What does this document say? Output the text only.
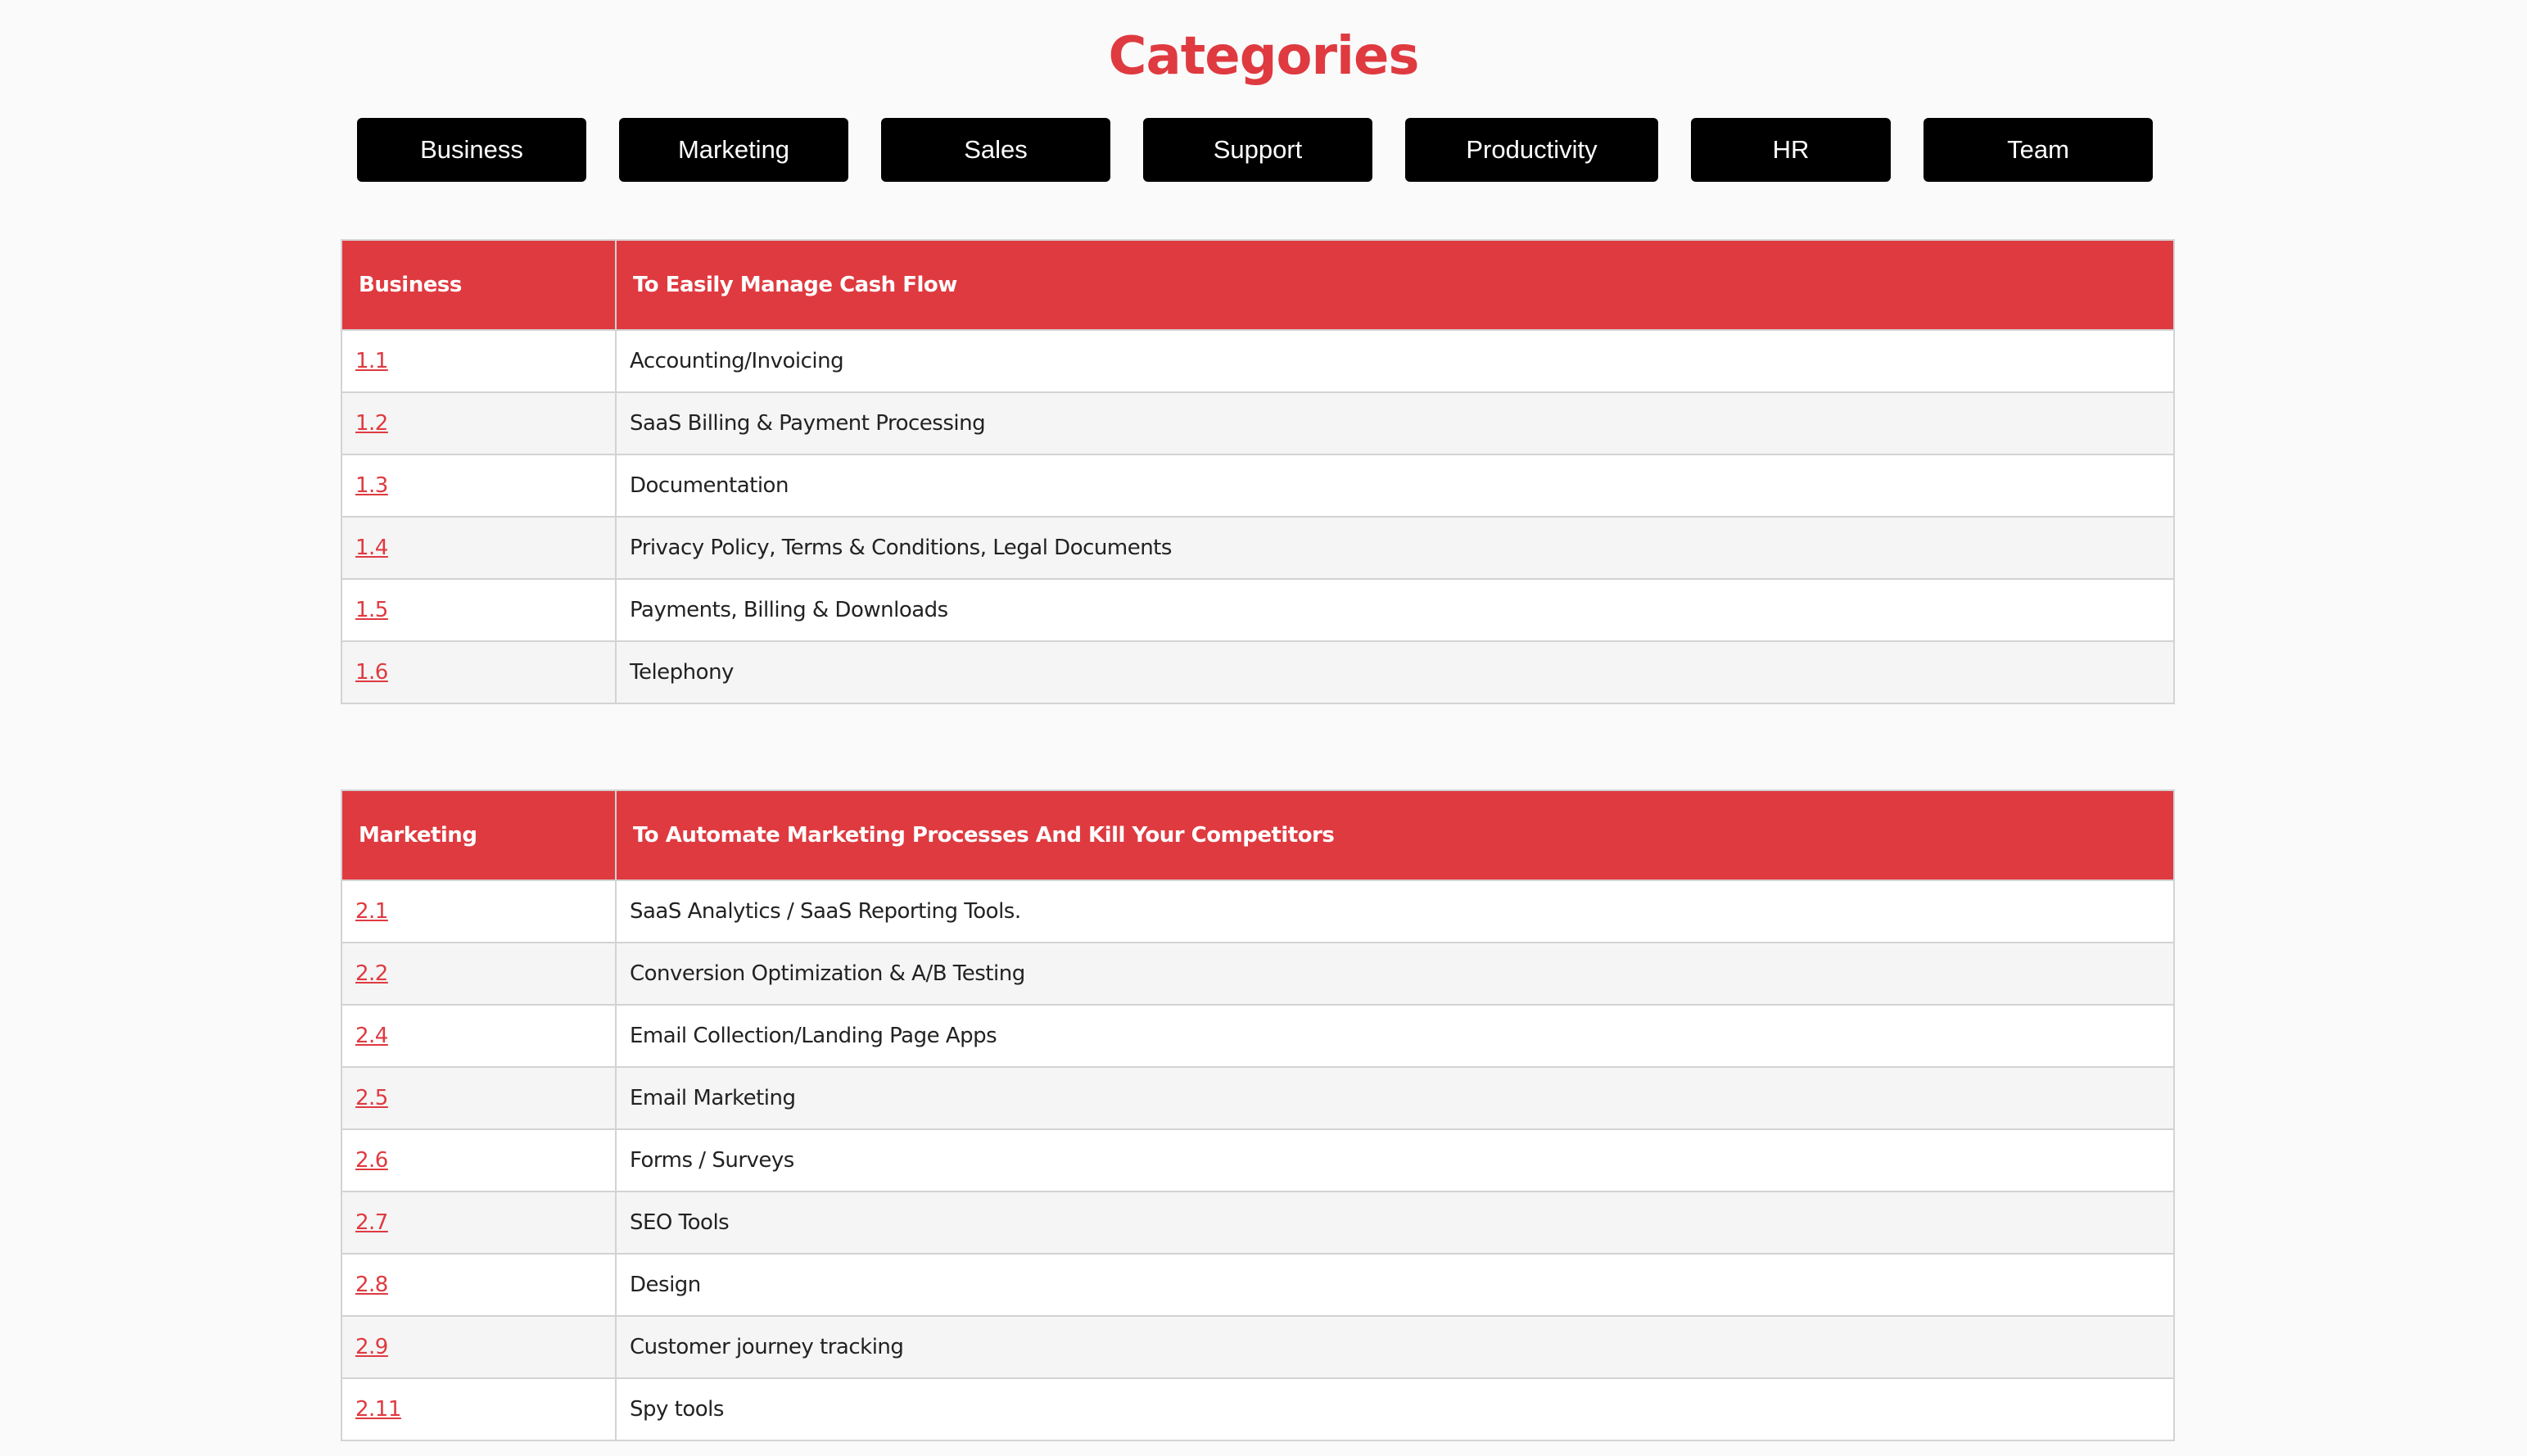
Categories
Business	Marketing	Sales	Support	Productivity	HR	Team
Business	To Easily Manage Cash Flow
1.1	Accounting/Invoicing
1.2	SaaS Billing & Payment Processing
1.3	Documentation
1.4	Privacy Policy, Terms & Conditions, Legal Documents
1.5	Payments, Billing & Downloads
1.6	Telephony
Marketing	To Automate Marketing Processes And Kill Your Competitors
2.1	SaaS Analytics / SaaS Reporting Tools.
2.2	Conversion Optimization & A/B Testing
2.4	Email Collection/Landing Page Apps
2.5	Email Marketing
2.6	Forms / Surveys
2.7	SEO Tools
2.8	Design
2.9	Customer journey tracking
2.11	Spy tools
